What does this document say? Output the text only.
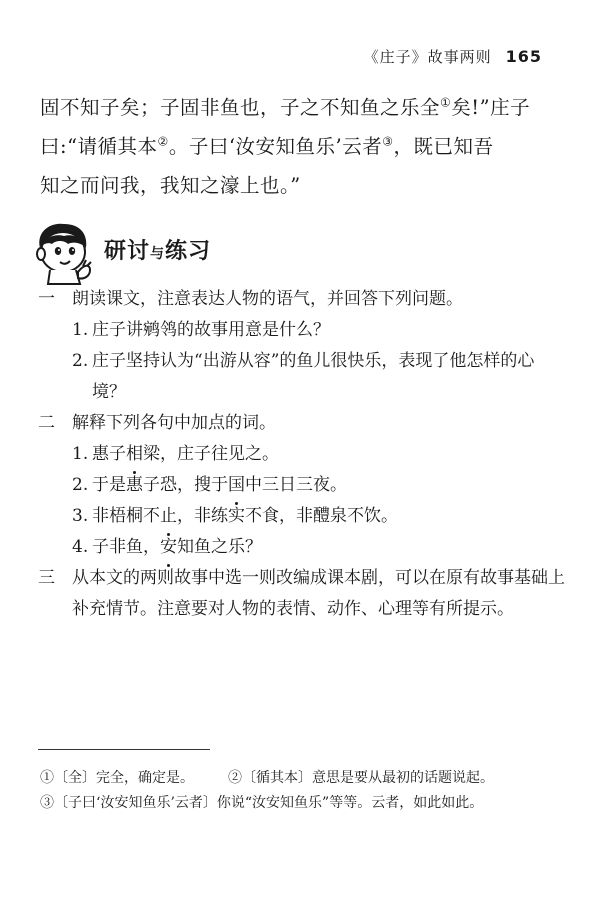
《庄子》故事两则 165

固不知子矣；子固非鱼也，子之不知鱼之乐全①矣!”庄子

曰:“请循其本②。子曰‘汝安知鱼乐’云者③，既已知吾

知之而问我，我知之濠上也。”

研讨与练习
一 朗读课文，注意表达人物的语气，并回答下列问题。
1. 庄子讲鹓鸰的故事用意是什么？
2. 庄子坚持认为“出游从容”的鱼儿很快乐，表现了他怎样的心境？
二 解释下列各句中加点的词。
1. 惠子相梁，庄子往见之。
2. 于是惠子恐，搜于国中三日三夜。
3. 非梧桐不止，非练实不食，非醴泉不饮。
4. 子非鱼，安知鱼之乐？
三 从本文的两则故事中选一则改编成课本剧，可以在原有故事基础上补充情节。注意要对人物的表情、动作、心理等有所提示。

①〔全〕完全，确定是。 ②〔循其本〕意思是要从最初的话题说起。

③〔子曰‘汝安知鱼乐’云者〕你说“汝安知鱼乐”等等。云者，如此如此。
